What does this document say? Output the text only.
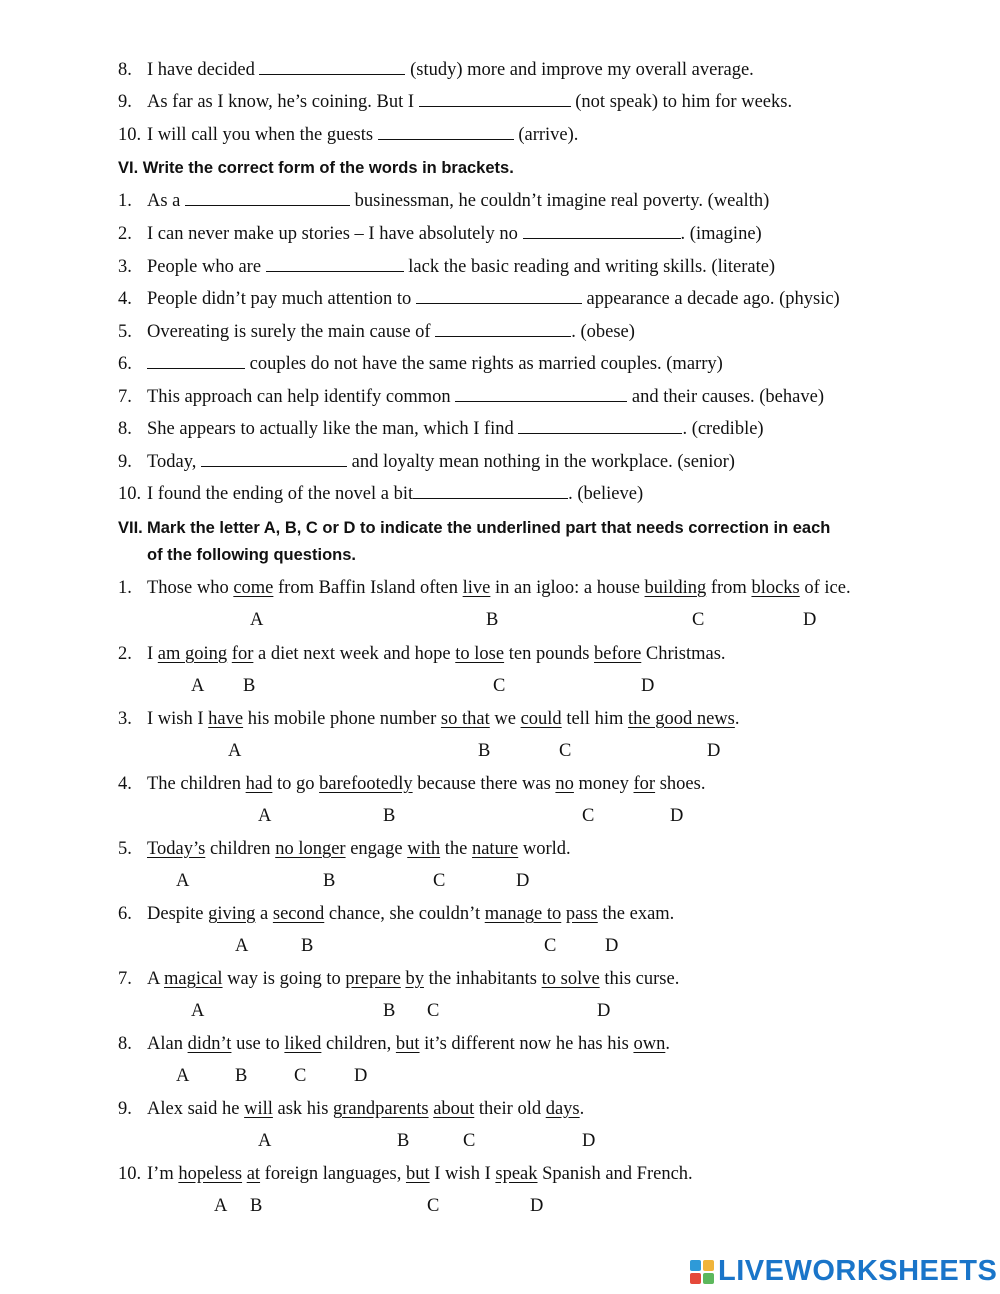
8. I have decided	(study) more and improve my overall average.
9. As far as I know, he’s coining. But I	(not speak) to him for weeks.
10. I will call you when the guests	(arrive).
VI. Write the correct form of the words in brackets.
1. As a	businessman, he couldn’t imagine real poverty. (wealth)
2. I can never make up stories – I have absolutely no	. (imagine)
3. People who are	lack the basic reading and writing skills. (literate)
4. People didn’t pay much attention to	appearance a decade ago. (physic)
5. Overeating is surely the main cause of	. (obese)
6.	couples do not have the same rights as married couples. (marry)
7. This approach can help identify common	and their causes. (behave)
8. She appears to actually like the man, which I find	. (credible)
9. Today,	and loyalty mean nothing in the workplace. (senior)
10. I found the ending of the novel a bit	. (believe)
VII. Mark the letter A, B, C or D to indicate the underlined part that needs correction in each
of the following questions.
1. Those who come from Baffin Island often live in an igloo: a house building from blocks of ice.
A	B	C	D
2. I am going for a diet next week and hope to lose ten pounds before Christmas.
A B	C	D
3. I wish I have his mobile phone number so that we could tell him the good news.
A	B	C	D
4. The children had to go barefootedly because there was no money for shoes.
A	B	C	D
5. Today’s children no longer engage with the nature world.
A	B	C	D
6. Despite giving a second chance, she couldn’t manage to pass the exam.
A	B	C	D
7. A magical way is going to prepare by the inhabitants to solve this curse.
A	B C	D
8. Alan didn’t use to liked children, but it’s different now he has his own.
A B	C	D
9. Alex said he will ask his grandparents about their old days.
A	B	C	D
10. I’m hopeless at foreign languages, but I wish I speak Spanish and French.
A B	C	D
LIVEWORKSHEETS
